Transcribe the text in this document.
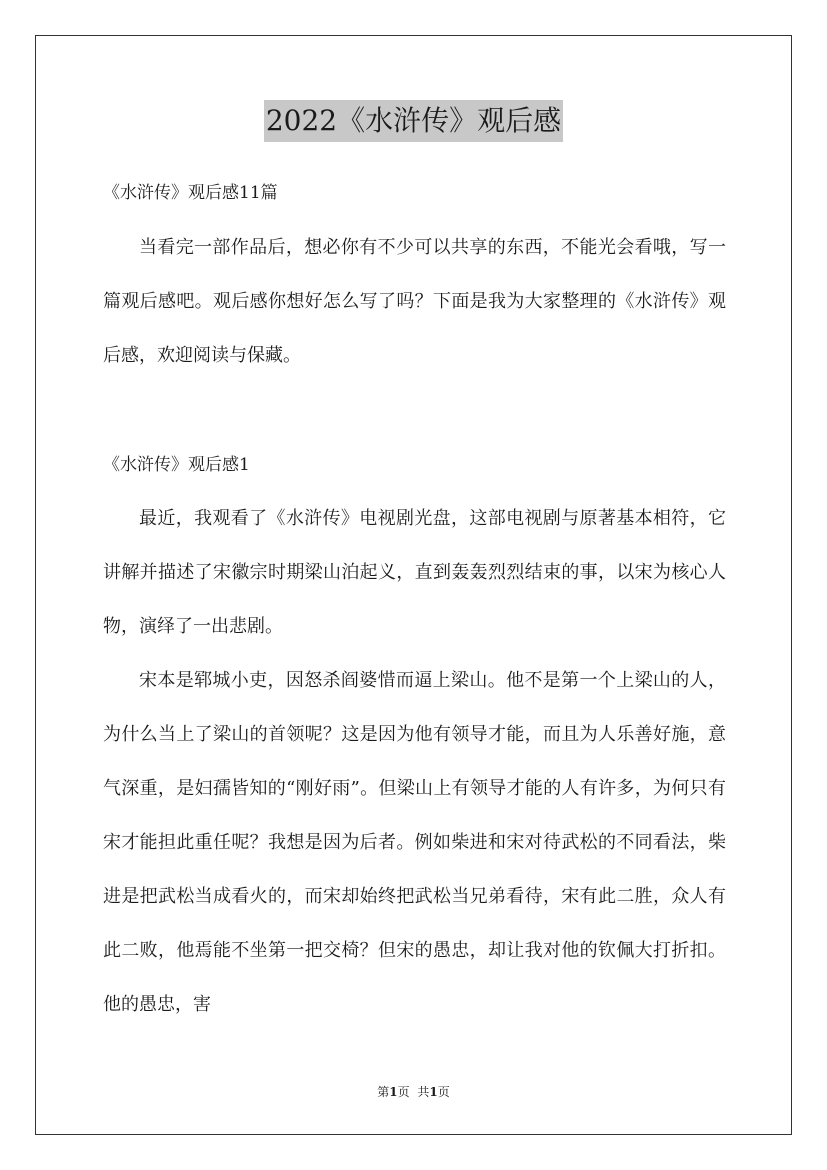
2022《水浒传》观后感
《水浒传》观后感11篇

当看完一部作品后，想必你有不少可以共享的东西，不能光会看哦，写一篇观后感吧。观后感你想好怎么写了吗？下面是我为大家整理的《水浒传》观后感，欢迎阅读与保藏。

《水浒传》观后感1

最近，我观看了《水浒传》电视剧光盘，这部电视剧与原著基本相符，它讲解并描述了宋徽宗时期梁山泊起义，直到轰轰烈烈结束的事，以宋为核心人物，演绎了一出悲剧。

宋本是郓城小吏，因怒杀阎婆惜而逼上梁山。他不是第一个上梁山的人，为什么当上了梁山的首领呢？这是因为他有领导才能，而且为人乐善好施，意气深重，是妇孺皆知的“刚好雨”。但梁山上有领导才能的人有许多，为何只有宋才能担此重任呢？我想是因为后者。例如柴进和宋对待武松的不同看法，柴进是把武松当成看火的，而宋却始终把武松当兄弟看待，宋有此二胜，众人有此二败，他焉能不坐第一把交椅？但宋的愚忠，却让我对他的钦佩大打折扣。他的愚忠，害

第1页 共1页
